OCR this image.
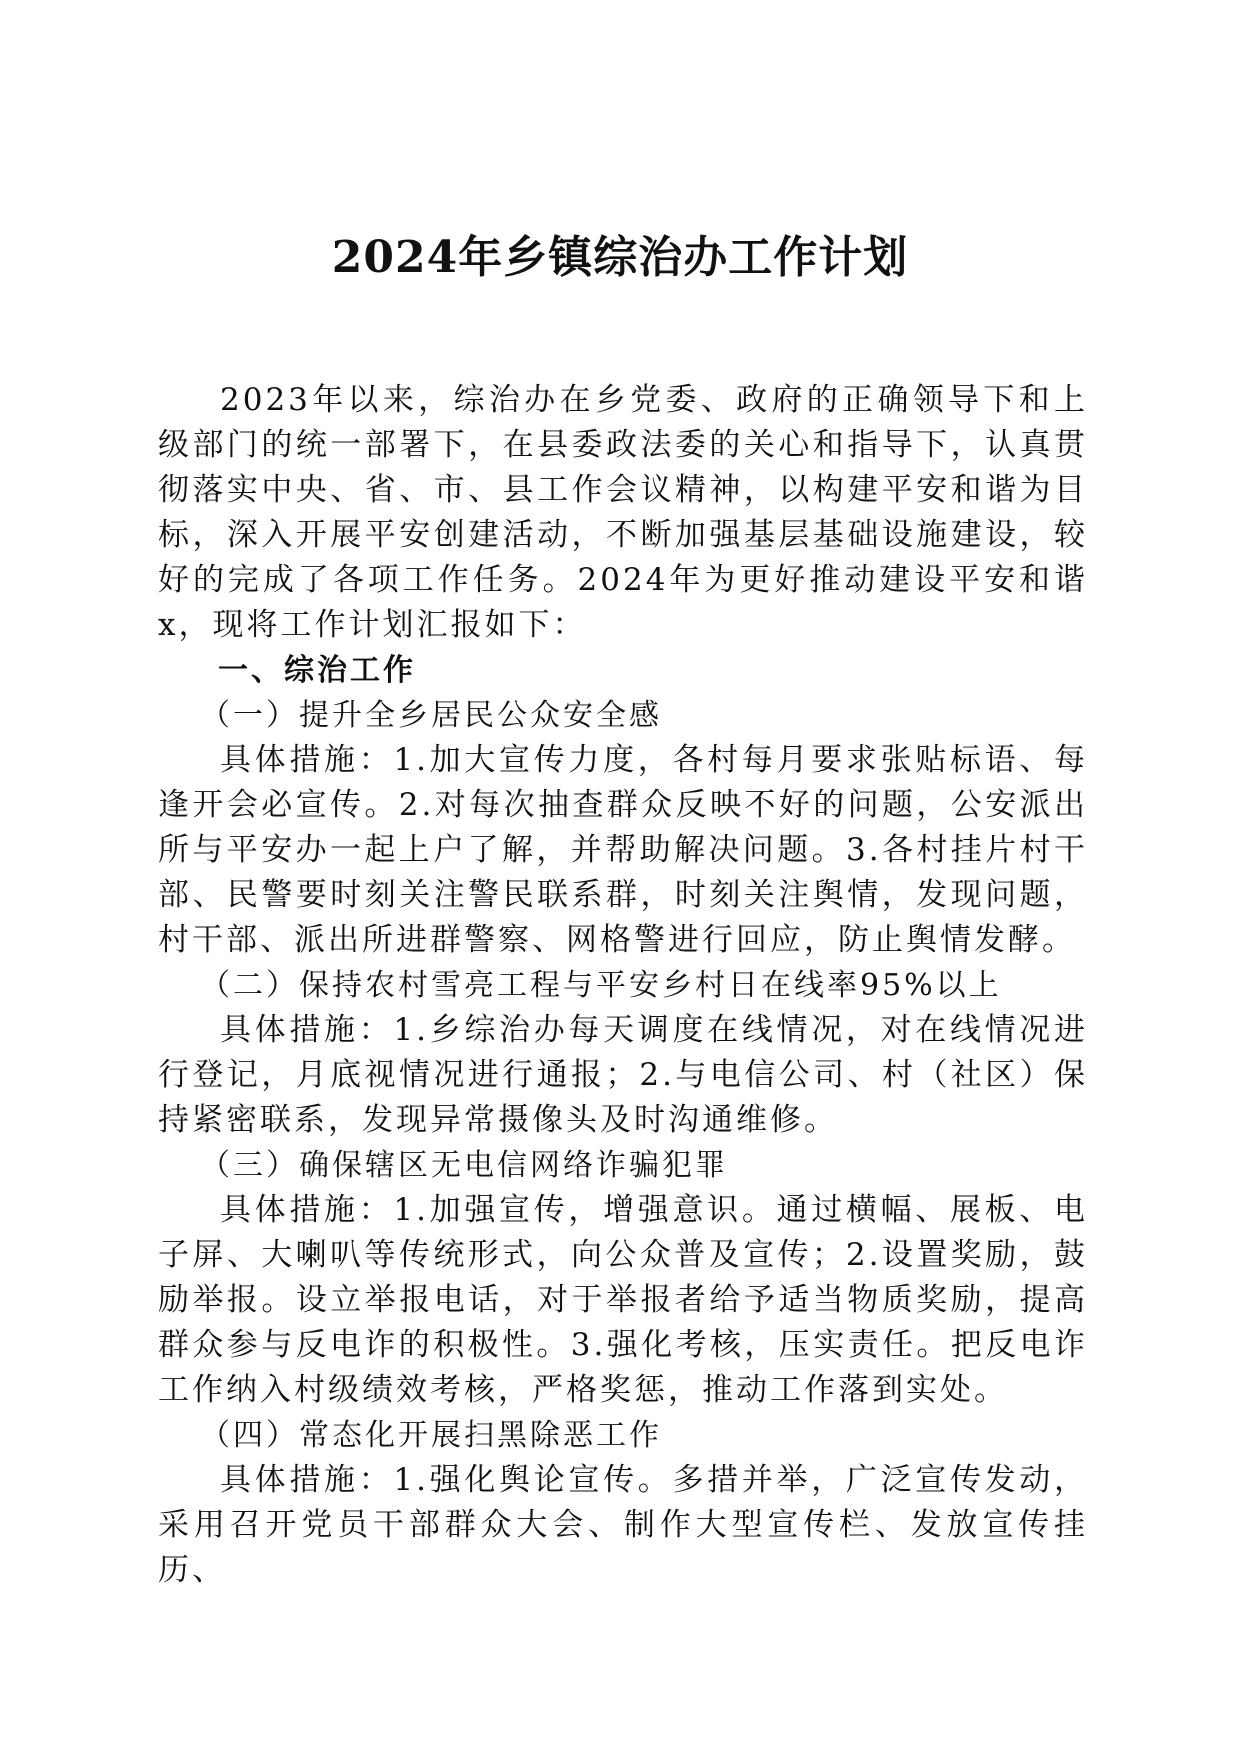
2024年乡镇综治办工作计划

2023年以来，综治办在乡党委、政府的正确领导下和上级部门的统一部署下，在县委政法委的关心和指导下，认真贯彻落实中央、省、市、县工作会议精神，以构建平安和谐为目标，深入开展平安创建活动，不断加强基层基础设施建设，较好的完成了各项工作任务。2024年为更好推动建设平安和谐x，现将工作计划汇报如下：

一、综治工作

（一）提升全乡居民公众安全感

具体措施：1.加大宣传力度，各村每月要求张贴标语、每逢开会必宣传。2.对每次抽查群众反映不好的问题，公安派出所与平安办一起上户了解，并帮助解决问题。3.各村挂片村干部、民警要时刻关注警民联系群，时刻关注舆情，发现问题，村干部、派出所进群警察、网格警进行回应，防止舆情发酵。

（二）保持农村雪亮工程与平安乡村日在线率95%以上

具体措施：1.乡综治办每天调度在线情况，对在线情况进行登记，月底视情况进行通报；2.与电信公司、村（社区）保持紧密联系，发现异常摄像头及时沟通维修。

（三）确保辖区无电信网络诈骗犯罪

具体措施：1.加强宣传，增强意识。通过横幅、展板、电子屏、大喇叭等传统形式，向公众普及宣传；2.设置奖励，鼓励举报。设立举报电话，对于举报者给予适当物质奖励，提高群众参与反电诈的积极性。3.强化考核，压实责任。把反电诈工作纳入村级绩效考核，严格奖惩，推动工作落到实处。

（四）常态化开展扫黑除恶工作

具体措施：1.强化舆论宣传。多措并举，广泛宣传发动，采用召开党员干部群众大会、制作大型宣传栏、发放宣传挂历、
